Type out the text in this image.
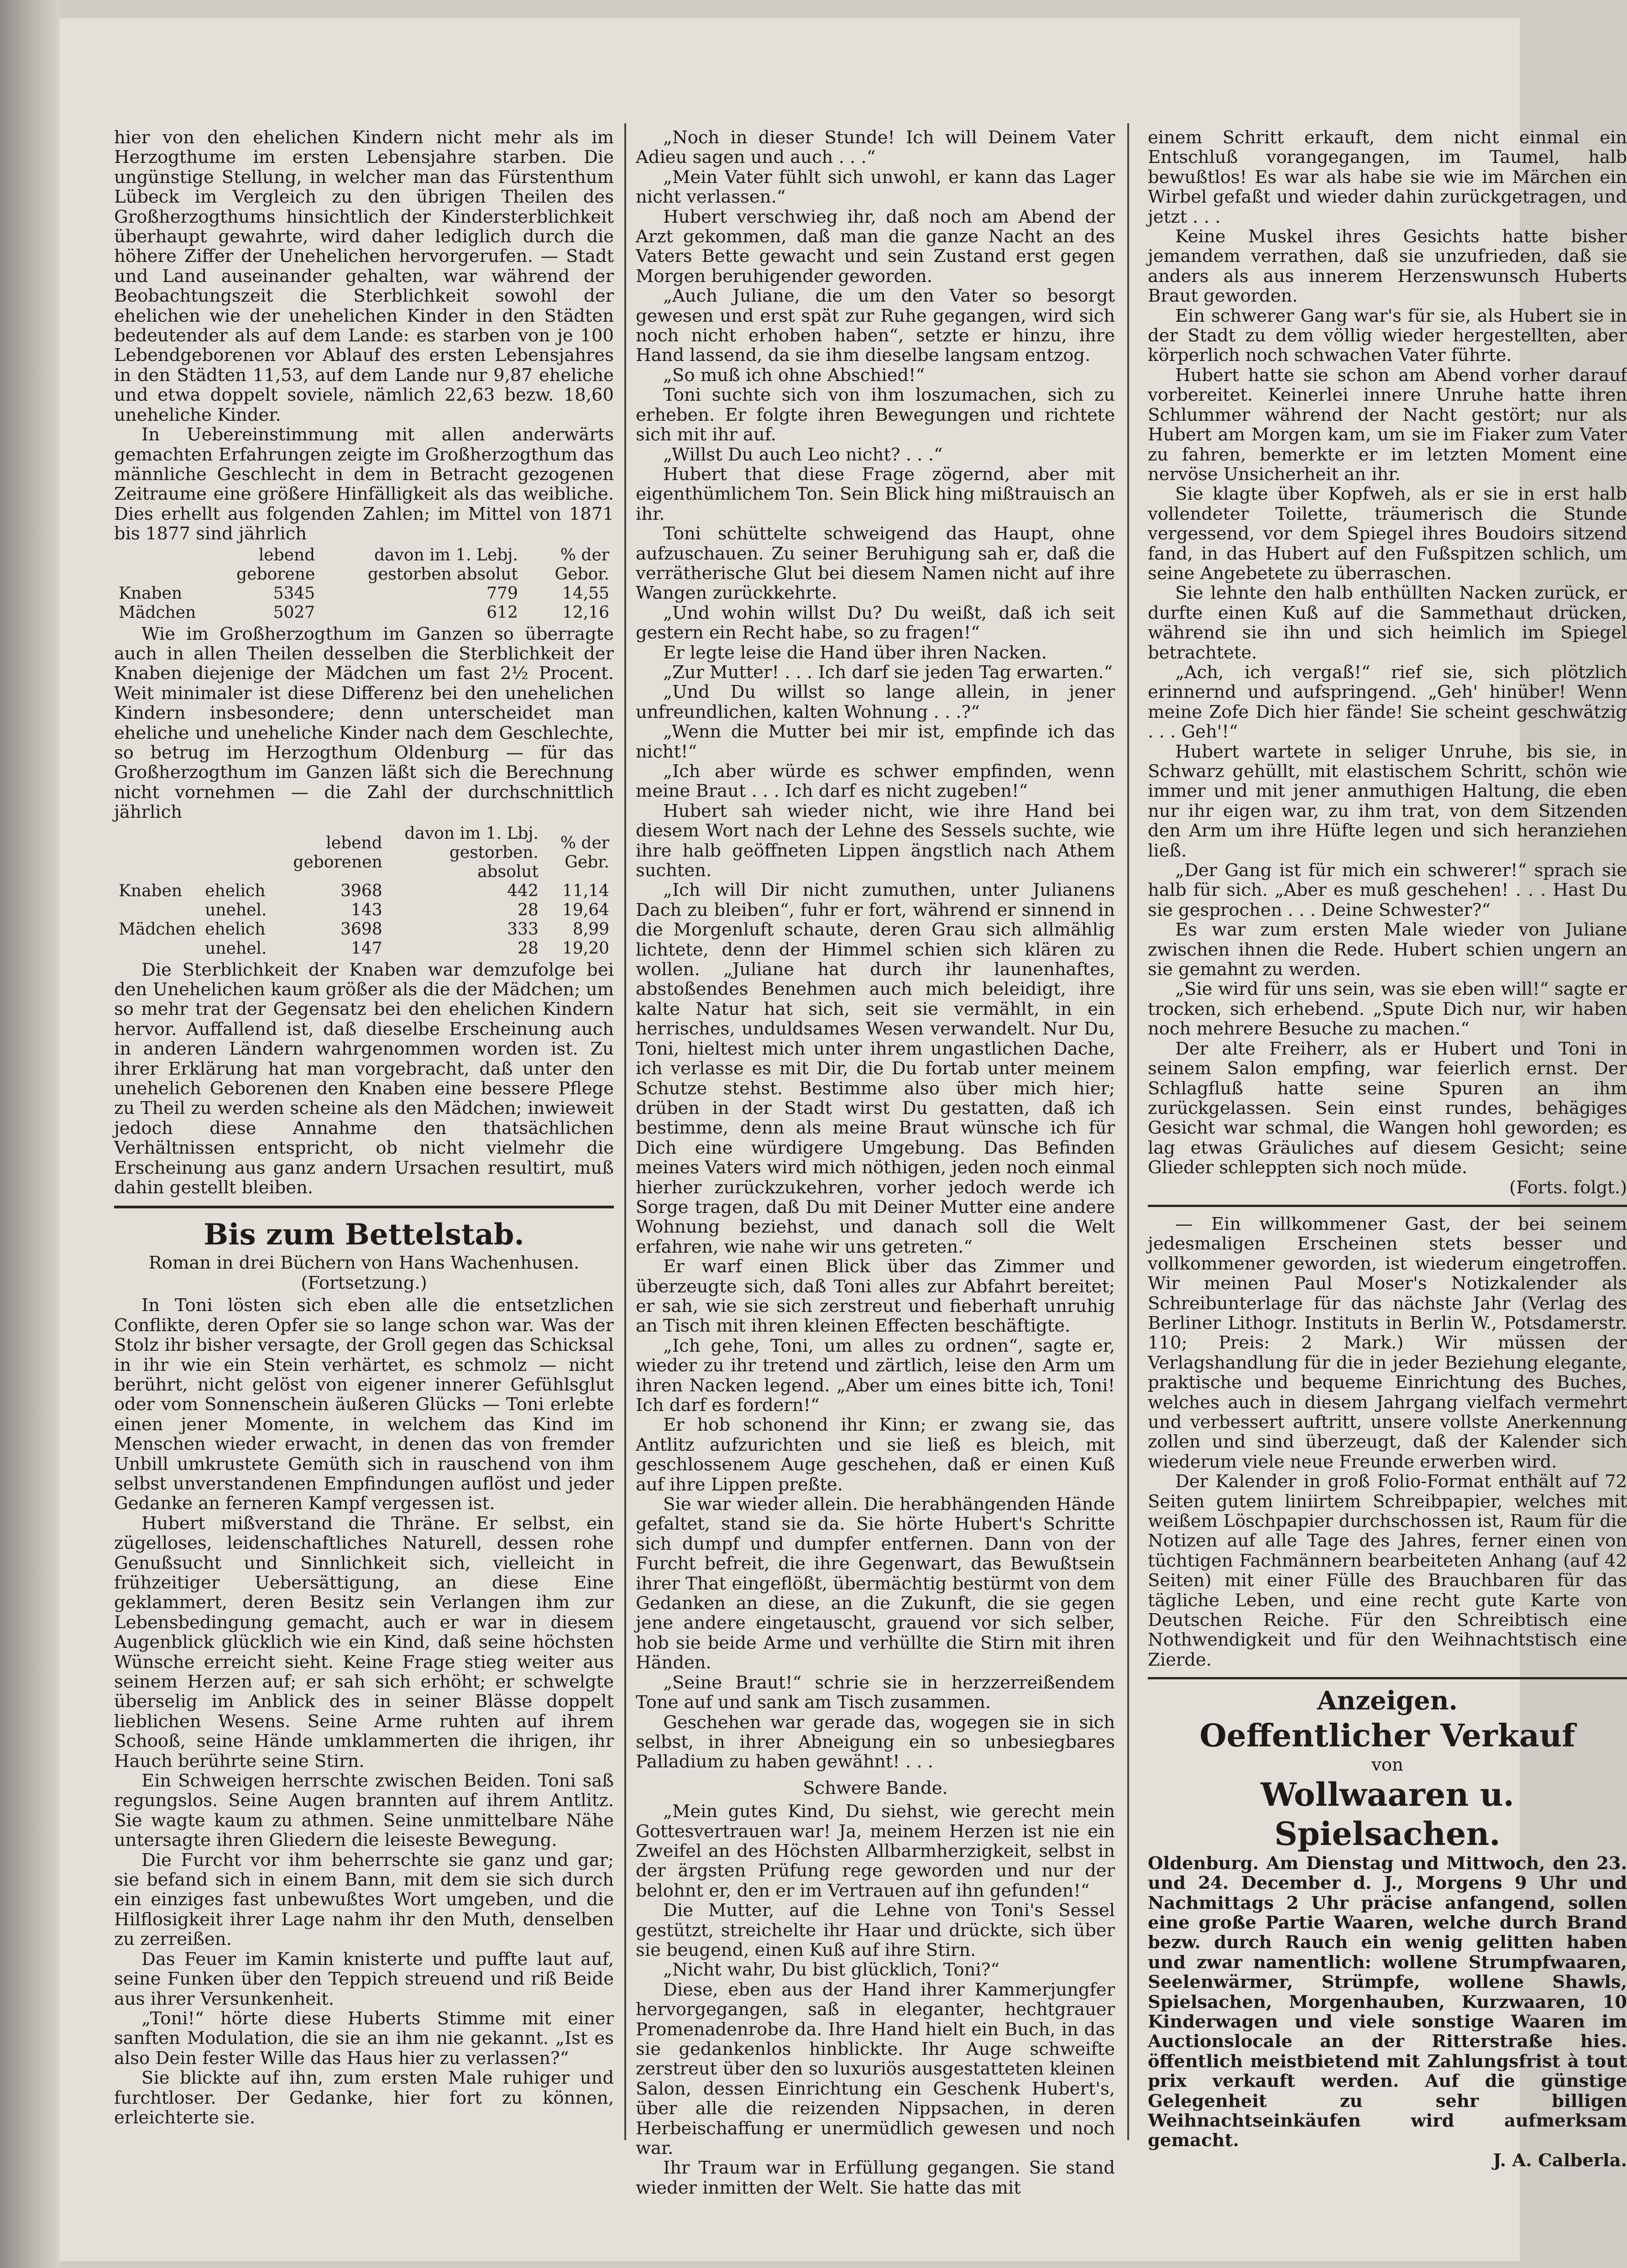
hier von den ehelichen Kindern nicht mehr als im Herzogthume im ersten Lebensjahre starben. Die ungünstige Stellung, in welcher man das Fürstenthum Lübeck im Vergleich zu den übrigen Theilen des Großherzogthums hinsichtlich der Kindersterblichkeit überhaupt gewahrte, wird daher lediglich durch die höhere Ziffer der Unehelichen hervorgerufen. — Stadt und Land auseinander gehalten, war während der Beobachtungszeit die Sterblichkeit sowohl der ehelichen wie der unehelichen Kinder in den Städten bedeutender als auf dem Lande: es starben von je 100 Lebendgeborenen vor Ablauf des ersten Lebensjahres in den Städten 11,53, auf dem Lande nur 9,87 eheliche und etwa doppelt soviele, nämlich 22,63 bezw. 18,60 uneheliche Kinder.

In Uebereinstimmung mit allen anderwärts gemachten Erfahrungen zeigte im Großherzogthum das männliche Geschlecht in dem in Betracht gezogenen Zeitraume eine größere Hinfälligkeit als das weibliche. Dies erhellt aus folgenden Zahlen; im Mittel von 1871 bis 1877 sind jährlich

	lebend geborene	davon im 1. Lebj. gestorben absolut	% der Gebor.
Knaben	5345	779	14,55
Mädchen	5027	612	12,16

Wie im Großherzogthum im Ganzen so überragte auch in allen Theilen desselben die Sterblichkeit der Knaben diejenige der Mädchen um fast 2½ Procent. Weit minimaler ist diese Differenz bei den unehelichen Kindern insbesondere; denn unterscheidet man eheliche und uneheliche Kinder nach dem Geschlechte, so betrug im Herzogthum Oldenburg — für das Großherzogthum im Ganzen läßt sich die Berechnung nicht vornehmen — die Zahl der durchschnittlich jährlich

		lebend geborenen	davon im 1. Lbj. gestorben. absolut	% der Gebr.
Knaben	ehelich	3968	442	11,14
	unehel.	143	28	19,64
Mädchen	ehelich	3698	333	8,99
	unehel.	147	28	19,20

Die Sterblichkeit der Knaben war demzufolge bei den Unehelichen kaum größer als die der Mädchen; um so mehr trat der Gegensatz bei den ehelichen Kindern hervor. Auffallend ist, daß dieselbe Erscheinung auch in anderen Ländern wahrgenommen worden ist. Zu ihrer Erklärung hat man vorgebracht, daß unter den unehelich Geborenen den Knaben eine bessere Pflege zu Theil zu werden scheine als den Mädchen; inwieweit jedoch diese Annahme den thatsächlichen Verhältnissen entspricht, ob nicht vielmehr die Erscheinung aus ganz andern Ursachen resultirt, muß dahin gestellt bleiben.

Bis zum Bettelstab.

Roman in drei Büchern von Hans Wachenhusen.

(Fortsetzung.)

In Toni lösten sich eben alle die entsetzlichen Conflikte, deren Opfer sie so lange schon war. Was der Stolz ihr bisher versagte, der Groll gegen das Schicksal in ihr wie ein Stein verhärtet, es schmolz — nicht berührt, nicht gelöst von eigener innerer Gefühlsglut oder vom Sonnenschein äußeren Glücks — Toni erlebte einen jener Momente, in welchem das Kind im Menschen wieder erwacht, in denen das von fremder Unbill umkrustete Gemüth sich in rauschend von ihm selbst unverstandenen Empfindungen auflöst und jeder Gedanke an ferneren Kampf vergessen ist.

Hubert mißverstand die Thräne. Er selbst, ein zügelloses, leidenschaftliches Naturell, dessen rohe Genußsucht und Sinnlichkeit sich, vielleicht in frühzeitiger Uebersättigung, an diese Eine geklammert, deren Besitz sein Verlangen ihm zur Lebensbedingung gemacht, auch er war in diesem Augenblick glücklich wie ein Kind, daß seine höchsten Wünsche erreicht sieht. Keine Frage stieg weiter aus seinem Herzen auf; er sah sich erhöht; er schwelgte überselig im Anblick des in seiner Blässe doppelt lieblichen Wesens. Seine Arme ruhten auf ihrem Schooß, seine Hände umklammerten die ihrigen, ihr Hauch berührte seine Stirn.

Ein Schweigen herrschte zwischen Beiden. Toni saß regungslos. Seine Augen brannten auf ihrem Antlitz. Sie wagte kaum zu athmen. Seine unmittelbare Nähe untersagte ihren Gliedern die leiseste Bewegung.

Die Furcht vor ihm beherrschte sie ganz und gar; sie befand sich in einem Bann, mit dem sie sich durch ein einziges fast unbewußtes Wort umgeben, und die Hilflosigkeit ihrer Lage nahm ihr den Muth, denselben zu zerreißen.

Das Feuer im Kamin knisterte und puffte laut auf, seine Funken über den Teppich streuend und riß Beide aus ihrer Versunkenheit.

„Toni!“ hörte diese Huberts Stimme mit einer sanften Modulation, die sie an ihm nie gekannt. „Ist es also Dein fester Wille das Haus hier zu verlassen?“

Sie blickte auf ihn, zum ersten Male ruhiger und furchtloser. Der Gedanke, hier fort zu können, erleichterte sie.

„Noch in dieser Stunde! Ich will Deinem Vater Adieu sagen und auch . . .“

„Mein Vater fühlt sich unwohl, er kann das Lager nicht verlassen.“

Hubert verschwieg ihr, daß noch am Abend der Arzt gekommen, daß man die ganze Nacht an des Vaters Bette gewacht und sein Zustand erst gegen Morgen beruhigender geworden.

„Auch Juliane, die um den Vater so besorgt gewesen und erst spät zur Ruhe gegangen, wird sich noch nicht erhoben haben“, setzte er hinzu, ihre Hand lassend, da sie ihm dieselbe langsam entzog.

„So muß ich ohne Abschied!“

Toni suchte sich von ihm loszumachen, sich zu erheben. Er folgte ihren Bewegungen und richtete sich mit ihr auf.

„Willst Du auch Leo nicht? . . .“

Hubert that diese Frage zögernd, aber mit eigenthümlichem Ton. Sein Blick hing mißtrauisch an ihr.

Toni schüttelte schweigend das Haupt, ohne aufzuschauen. Zu seiner Beruhigung sah er, daß die verrätherische Glut bei diesem Namen nicht auf ihre Wangen zurückkehrte.

„Und wohin willst Du? Du weißt, daß ich seit gestern ein Recht habe, so zu fragen!“

Er legte leise die Hand über ihren Nacken.

„Zur Mutter! . . . Ich darf sie jeden Tag erwarten.“

„Und Du willst so lange allein, in jener unfreundlichen, kalten Wohnung . . .?“

„Wenn die Mutter bei mir ist, empfinde ich das nicht!“

„Ich aber würde es schwer empfinden, wenn meine Braut . . . Ich darf es nicht zugeben!“

Hubert sah wieder nicht, wie ihre Hand bei diesem Wort nach der Lehne des Sessels suchte, wie ihre halb geöffneten Lippen ängstlich nach Athem suchten.

„Ich will Dir nicht zumuthen, unter Julianens Dach zu bleiben“, fuhr er fort, während er sinnend in die Morgenluft schaute, deren Grau sich allmählig lichtete, denn der Himmel schien sich klären zu wollen. „Juliane hat durch ihr launenhaftes, abstoßendes Benehmen auch mich beleidigt, ihre kalte Natur hat sich, seit sie vermählt, in ein herrisches, unduldsames Wesen verwandelt. Nur Du, Toni, hieltest mich unter ihrem ungastlichen Dache, ich verlasse es mit Dir, die Du fortab unter meinem Schutze stehst. Bestimme also über mich hier; drüben in der Stadt wirst Du gestatten, daß ich bestimme, denn als meine Braut wünsche ich für Dich eine würdigere Umgebung. Das Befinden meines Vaters wird mich nöthigen, jeden noch einmal hierher zurückzukehren, vorher jedoch werde ich Sorge tragen, daß Du mit Deiner Mutter eine andere Wohnung beziehst, und danach soll die Welt erfahren, wie nahe wir uns getreten.“

Er warf einen Blick über das Zimmer und überzeugte sich, daß Toni alles zur Abfahrt bereitet; er sah, wie sie sich zerstreut und fieberhaft unruhig an Tisch mit ihren kleinen Effecten beschäftigte.

„Ich gehe, Toni, um alles zu ordnen“, sagte er, wieder zu ihr tretend und zärtlich, leise den Arm um ihren Nacken legend. „Aber um eines bitte ich, Toni! Ich darf es fordern!“

Er hob schonend ihr Kinn; er zwang sie, das Antlitz aufzurichten und sie ließ es bleich, mit geschlossenem Auge geschehen, daß er einen Kuß auf ihre Lippen preßte.

Sie war wieder allein. Die herabhängenden Hände gefaltet, stand sie da. Sie hörte Hubert's Schritte sich dumpf und dumpfer entfernen. Dann von der Furcht befreit, die ihre Gegenwart, das Bewußtsein ihrer That eingeflößt, übermächtig bestürmt von dem Gedanken an diese, an die Zukunft, die sie gegen jene andere eingetauscht, grauend vor sich selber, hob sie beide Arme und verhüllte die Stirn mit ihren Händen.

„Seine Braut!“ schrie sie in herzzerreißendem Tone auf und sank am Tisch zusammen.

Geschehen war gerade das, wogegen sie in sich selbst, in ihrer Abneigung ein so unbesiegbares Palladium zu haben gewähnt! . . .

Schwere Bande.

„Mein gutes Kind, Du siehst, wie gerecht mein Gottesvertrauen war! Ja, meinem Herzen ist nie ein Zweifel an des Höchsten Allbarmherzigkeit, selbst in der ärgsten Prüfung rege geworden und nur der belohnt er, den er im Vertrauen auf ihn gefunden!“

Die Mutter, auf die Lehne von Toni's Sessel gestützt, streichelte ihr Haar und drückte, sich über sie beugend, einen Kuß auf ihre Stirn.

„Nicht wahr, Du bist glücklich, Toni?“

Diese, eben aus der Hand ihrer Kammerjungfer hervorgegangen, saß in eleganter, hechtgrauer Promenadenrobe da. Ihre Hand hielt ein Buch, in das sie gedankenlos hinblickte. Ihr Auge schweifte zerstreut über den so luxuriös ausgestatteten kleinen Salon, dessen Einrichtung ein Geschenk Hubert's, über alle die reizenden Nippsachen, in deren Herbeischaffung er unermüdlich gewesen und noch war.

Ihr Traum war in Erfüllung gegangen. Sie stand wieder inmitten der Welt. Sie hatte das mit

einem Schritt erkauft, dem nicht einmal ein Entschluß vorangegangen, im Taumel, halb bewußtlos! Es war als habe sie wie im Märchen ein Wirbel gefaßt und wieder dahin zurückgetragen, und jetzt . . .

Keine Muskel ihres Gesichts hatte bisher jemandem verrathen, daß sie unzufrieden, daß sie anders als aus innerem Herzenswunsch Huberts Braut geworden.

Ein schwerer Gang war's für sie, als Hubert sie in der Stadt zu dem völlig wieder hergestellten, aber körperlich noch schwachen Vater führte.

Hubert hatte sie schon am Abend vorher darauf vorbereitet. Keinerlei innere Unruhe hatte ihren Schlummer während der Nacht gestört; nur als Hubert am Morgen kam, um sie im Fiaker zum Vater zu fahren, bemerkte er im letzten Moment eine nervöse Unsicherheit an ihr.

Sie klagte über Kopfweh, als er sie in erst halb vollendeter Toilette, träumerisch die Stunde vergessend, vor dem Spiegel ihres Boudoirs sitzend fand, in das Hubert auf den Fußspitzen schlich, um seine Angebetete zu überraschen.

Sie lehnte den halb enthüllten Nacken zurück, er durfte einen Kuß auf die Sammethaut drücken, während sie ihn und sich heimlich im Spiegel betrachtete.

„Ach, ich vergaß!“ rief sie, sich plötzlich erinnernd und aufspringend. „Geh' hinüber! Wenn meine Zofe Dich hier fände! Sie scheint geschwätzig . . . Geh'!“

Hubert wartete in seliger Unruhe, bis sie, in Schwarz gehüllt, mit elastischem Schritt, schön wie immer und mit jener anmuthigen Haltung, die eben nur ihr eigen war, zu ihm trat, von dem Sitzenden den Arm um ihre Hüfte legen und sich heranziehen ließ.

„Der Gang ist für mich ein schwerer!“ sprach sie halb für sich. „Aber es muß geschehen! . . . Hast Du sie gesprochen . . . Deine Schwester?“

Es war zum ersten Male wieder von Juliane zwischen ihnen die Rede. Hubert schien ungern an sie gemahnt zu werden.

„Sie wird für uns sein, was sie eben will!“ sagte er trocken, sich erhebend. „Spute Dich nur, wir haben noch mehrere Besuche zu machen.“

Der alte Freiherr, als er Hubert und Toni in seinem Salon empfing, war feierlich ernst. Der Schlagfluß hatte seine Spuren an ihm zurückgelassen. Sein einst rundes, behägiges Gesicht war schmal, die Wangen hohl geworden; es lag etwas Gräuliches auf diesem Gesicht; seine Glieder schleppten sich noch müde.

(Forts. folgt.)

— Ein willkommener Gast, der bei seinem jedesmaligen Erscheinen stets besser und vollkommener geworden, ist wiederum eingetroffen. Wir meinen Paul Moser's Notizkalender als Schreibunterlage für das nächste Jahr (Verlag des Berliner Lithogr. Instituts in Berlin W., Potsdamerstr. 110; Preis: 2 Mark.) Wir müssen der Verlagshandlung für die in jeder Beziehung elegante, praktische und bequeme Einrichtung des Buches, welches auch in diesem Jahrgang vielfach vermehrt und verbessert auftritt, unsere vollste Anerkennung zollen und sind überzeugt, daß der Kalender sich wiederum viele neue Freunde erwerben wird.

Der Kalender in groß Folio-Format enthält auf 72 Seiten gutem liniirtem Schreibpapier, welches mit weißem Löschpapier durchschossen ist, Raum für die Notizen auf alle Tage des Jahres, ferner einen von tüchtigen Fachmännern bearbeiteten Anhang (auf 42 Seiten) mit einer Fülle des Brauchbaren für das tägliche Leben, und eine recht gute Karte von Deutschen Reiche. Für den Schreibtisch eine Nothwendigkeit und für den Weihnachtstisch eine Zierde.

Anzeigen.

Oeffentlicher Verkauf

von

Wollwaaren u. Spielsachen.

Oldenburg. Am Dienstag und Mittwoch, den 23. und 24. December d. J., Morgens 9 Uhr und Nachmittags 2 Uhr präcise anfangend, sollen eine große Partie Waaren, welche durch Brand bezw. durch Rauch ein wenig gelitten haben und zwar namentlich: wollene Strumpfwaaren, Seelenwärmer, Strümpfe, wollene Shawls, Spielsachen, Morgenhauben, Kurzwaaren, 10 Kinderwagen und viele sonstige Waaren im Auctionslocale an der Ritterstraße hies. öffentlich meistbietend mit Zahlungsfrist à tout prix verkauft werden. Auf die günstige Gelegenheit zu sehr billigen Weihnachtseinkäufen wird aufmerksam gemacht.

J. A. Calberla.
